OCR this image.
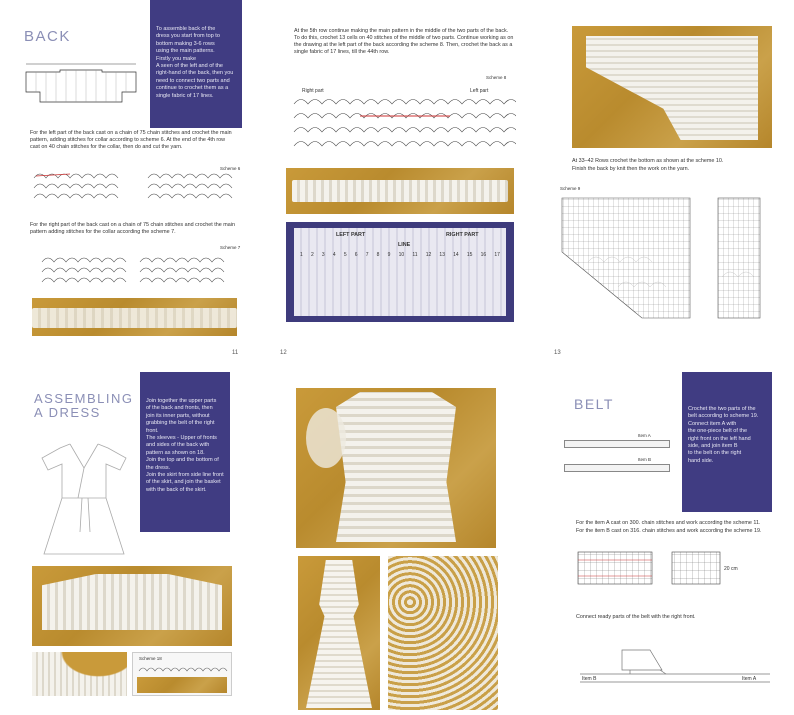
BACK	To assemble back of the
dress you start from top to
bottom making 3-6 rows
using the main patterns.
Firstly you make
A seen of the left and of the
right-hand of the back, then you
need to connect two parts and
continue to crochet them as a
single fabric of 17 lines.
For the left part of the back cast on a chain of 75 chain stitches and crochet the main pattern, adding stitches for collar according to scheme 6. At the end of the 4th row cast on 40 chain stitches for the collar, then do and cut the yarn.
Scheme 6
For the right part of the back cast on a chain of 75 chain stitches and crochet the main pattern adding stitches for the collar according the scheme 7.
Scheme 7
11
At the 5th row continue making the main pattern in the middle of the two parts of the back. To do this, crochet 13 cells on 40 stitches of the middle of two parts. Continue working as on the drawing at the left part of the back according the scheme 8. Then, crochet the back as a single fabric of 17 lines, till the 44th row.
Scheme 8
Right part	Left part
LEFT PART	RIGHT PART
LINE
1 2 3 4 5 6 7 8 9 10 11 12 13 14 15 16 17
12
At 33–42 Rows crochet the bottom as shown at the scheme 10.
Finish the back by knit then the work on the yarn.
Scheme 9
13
ASSEMBLING
A DRESS
Join together the upper parts
of the back and fronts, then
join its inner parts, without
grabbing the belt of the right
front.
The sleeves - Upper of fronts
and sides of the back with
pattern as shown on 18.
Join the top and the bottom of
the dress.
Join the skirt from side line front
of the skirt, and join the basket
with the back of the skirt.
Scheme 18
BELT	Crochet the two parts of the
belt according to scheme 19.
Connect item A with
the one-piece belt of the
right front on the left hand
side, and join item B
to the belt on the right
hand side.
Item A
Item B
For the item A cast on 300. chain stitches and work according the scheme 11.
For the item B cast on 316. chain stitches and work according the scheme 19.
20 cm
Connect ready parts of the belt with the right front.
Item B	Item A
